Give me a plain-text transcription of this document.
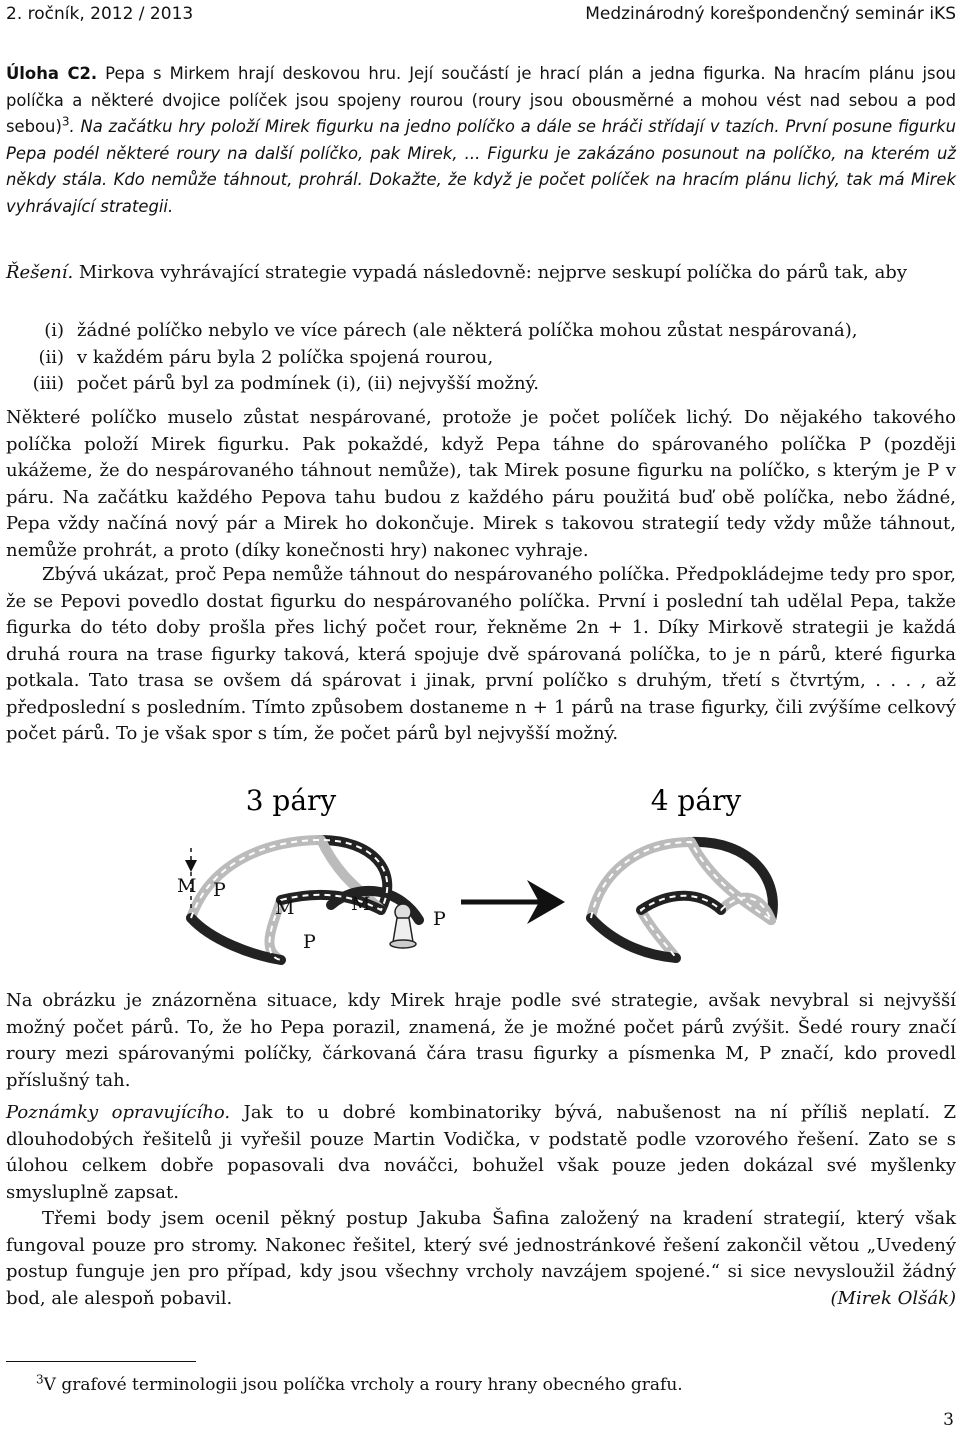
2. ročník, 2012 / 2013	Medzinárodný korešpondenčný seminár iKS
Úloha C2. Pepa s Mirkem hrají deskovou hru. Její součástí je hrací plán a jedna figurka. Na hracím plánu jsou políčka a některé dvojice políček jsou spojeny rourou (roury jsou obousměrné a mohou vést nad sebou a pod sebou)$^3$. Na začátku hry položí Mirek figurku na jedno políčko a dále se hráči střídají v tazích. První posune figurku Pepa podél některé roury na další políčko, pak Mirek, ... Figurku je zakázáno posunout na políčko, na kterém už někdy stála. Kdo nemůže táhnout, prohrál. Dokažte, že když je počet políček na hracím plánu lichý, tak má Mirek vyhrávající strategii.
Řešení. Mirkova vyhrávající strategie vypadá následovně: nejprve seskupí políčka do párů tak, aby
(i) žádné políčko nebylo ve více párech (ale některá políčka mohou zůstat nespárovaná),
(ii) v každém páru byla 2 políčka spojená rourou,
(iii) počet párů byl za podmínek (i), (ii) nejvyšší možný.
Některé políčko muselo zůstat nespárované, protože je počet políček lichý. Do nějakého takového políčka položí Mirek figurku. Pak pokaždé, když Pepa táhne do spárovaného políčka P (později ukážeme, že do nespárovaného táhnout nemůže), tak Mirek posune figurku na políčko, s kterým je P v páru. Na začátku každého Pepova tahu budou z každého páru použitá buď obě políčka, nebo žádné, Pepa vždy načíná nový pár a Mirek ho dokončuje. Mirek s takovou strategií tedy vždy může táhnout, nemůže prohrát, a proto (díky konečnosti hry) nakonec vyhraje.
Zbývá ukázat, proč Pepa nemůže táhnout do nespárovaného políčka. Předpokládejme tedy pro spor, že se Pepovi povedlo dostat figurku do nespárovaného políčka. První i poslední tah udělal Pepa, takže figurka do této doby prošla přes lichý počet rour, řekněme 2n + 1. Díky Mirkově strategii je každá druhá roura na trase figurky taková, která spojuje dvě spárovaná políčka, to je n párů, které figurka potkala. Tato trasa se ovšem dá spárovat i jinak, první políčko s druhým, třetí s čtvrtým, . . . , až předposlední s posledním. Tímto způsobem dostaneme n + 1 párů na trase figurky, čili zvýšíme celkový počet párů. To je však spor s tím, že počet párů byl nejvyšší možný.
3 páry	4 páry
M P
M	M
P
P
Na obrázku je znázorněna situace, kdy Mirek hraje podle své strategie, avšak nevybral si nejvyšší možný počet párů. To, že ho Pepa porazil, znamená, že je možné počet párů zvýšit. Šedé roury značí roury mezi spárovanými políčky, čárkovaná čára trasu figurky a písmenka M, P značí, kdo provedl příslušný tah.
Poznámky opravujícího. Jak to u dobré kombinatoriky bývá, nabušenost na ní příliš neplatí. Z dlouhodobých řešitelů ji vyřešil pouze Martin Vodička, v podstatě podle vzorového řešení. Zato se s úlohou celkem dobře popasovali dva nováčci, bohužel však pouze jeden dokázal své myšlenky smysluplně zapsat.
Třemi body jsem ocenil pěkný postup Jakuba Šafina založený na kradení strategií, který však fungoval pouze pro stromy. Nakonec řešitel, který své jednostránkové řešení zakončil větou „Uvedený postup funguje jen pro případ, kdy jsou všechny vrcholy navzájem spojené.“ si sice nevysloužil žádný bod, ale alespoň pobavil.	(Mirek Olšák)
$^3$V grafové terminologii jsou políčka vrcholy a roury hrany obecného grafu.
3
